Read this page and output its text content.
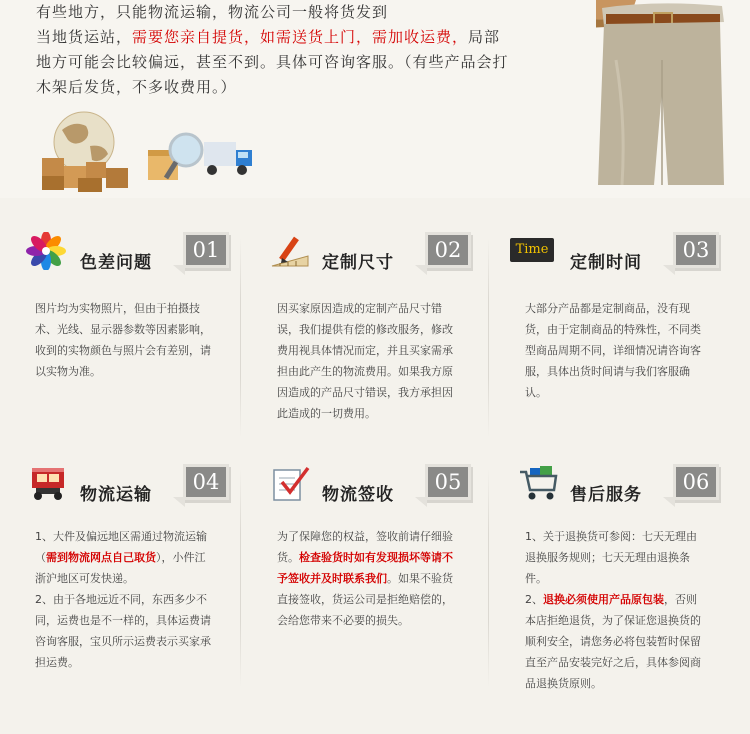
有些地方，只能物流运输，物流公司一般将货发到
当地货运站，需要您亲自提货，如需送货上门，需加收运费，局部
地方可能会比较偏远，甚至不到。具体可咨询客服。（有些产品会打
木架后发货，不多收费用。）
色差问题
01
图片均为实物照片，但由于拍摄技术、光线、显示器参数等因素影响，收到的实物颜色与照片会有差别，请以实物为准。
定制尺寸
02
因买家原因造成的定制产品尺寸错误，我们提供有偿的修改服务，修改费用视具体情况而定，并且买家需承担由此产生的物流费用。如果我方原因造成的产品尺寸错误，我方承担因此造成的一切费用。
Time
定制时间
03
大部分产品都是定制商品，没有现货，由于定制商品的特殊性，不同类型商品周期不同，详细情况请咨询客服，具体出货时间请与我们客服确认。
物流运输
04
1、大件及偏远地区需通过物流运输（需到物流网点自己取货），小件江浙沪地区可发快递。
2、由于各地远近不同，东西多少不同，运费也是不一样的，具体运费请咨询客服，宝贝所示运费表示买家承担运费。
物流签收
05
为了保障您的权益，签收前请仔细验货。检查验货时如有发现损坏等请不予签收并及时联系我们。如果不验货直接签收，货运公司是拒绝赔偿的，会给您带来不必要的损失。
售后服务
06
1、关于退换货可参阅：七天无理由退换服务规则；七天无理由退换条件。
2、退换必须使用产品原包装，否则本店拒绝退货，为了保证您退换货的顺利安全，请您务必将包装暂时保留直至产品安装完好之后，具体参阅商品退换货原则。
